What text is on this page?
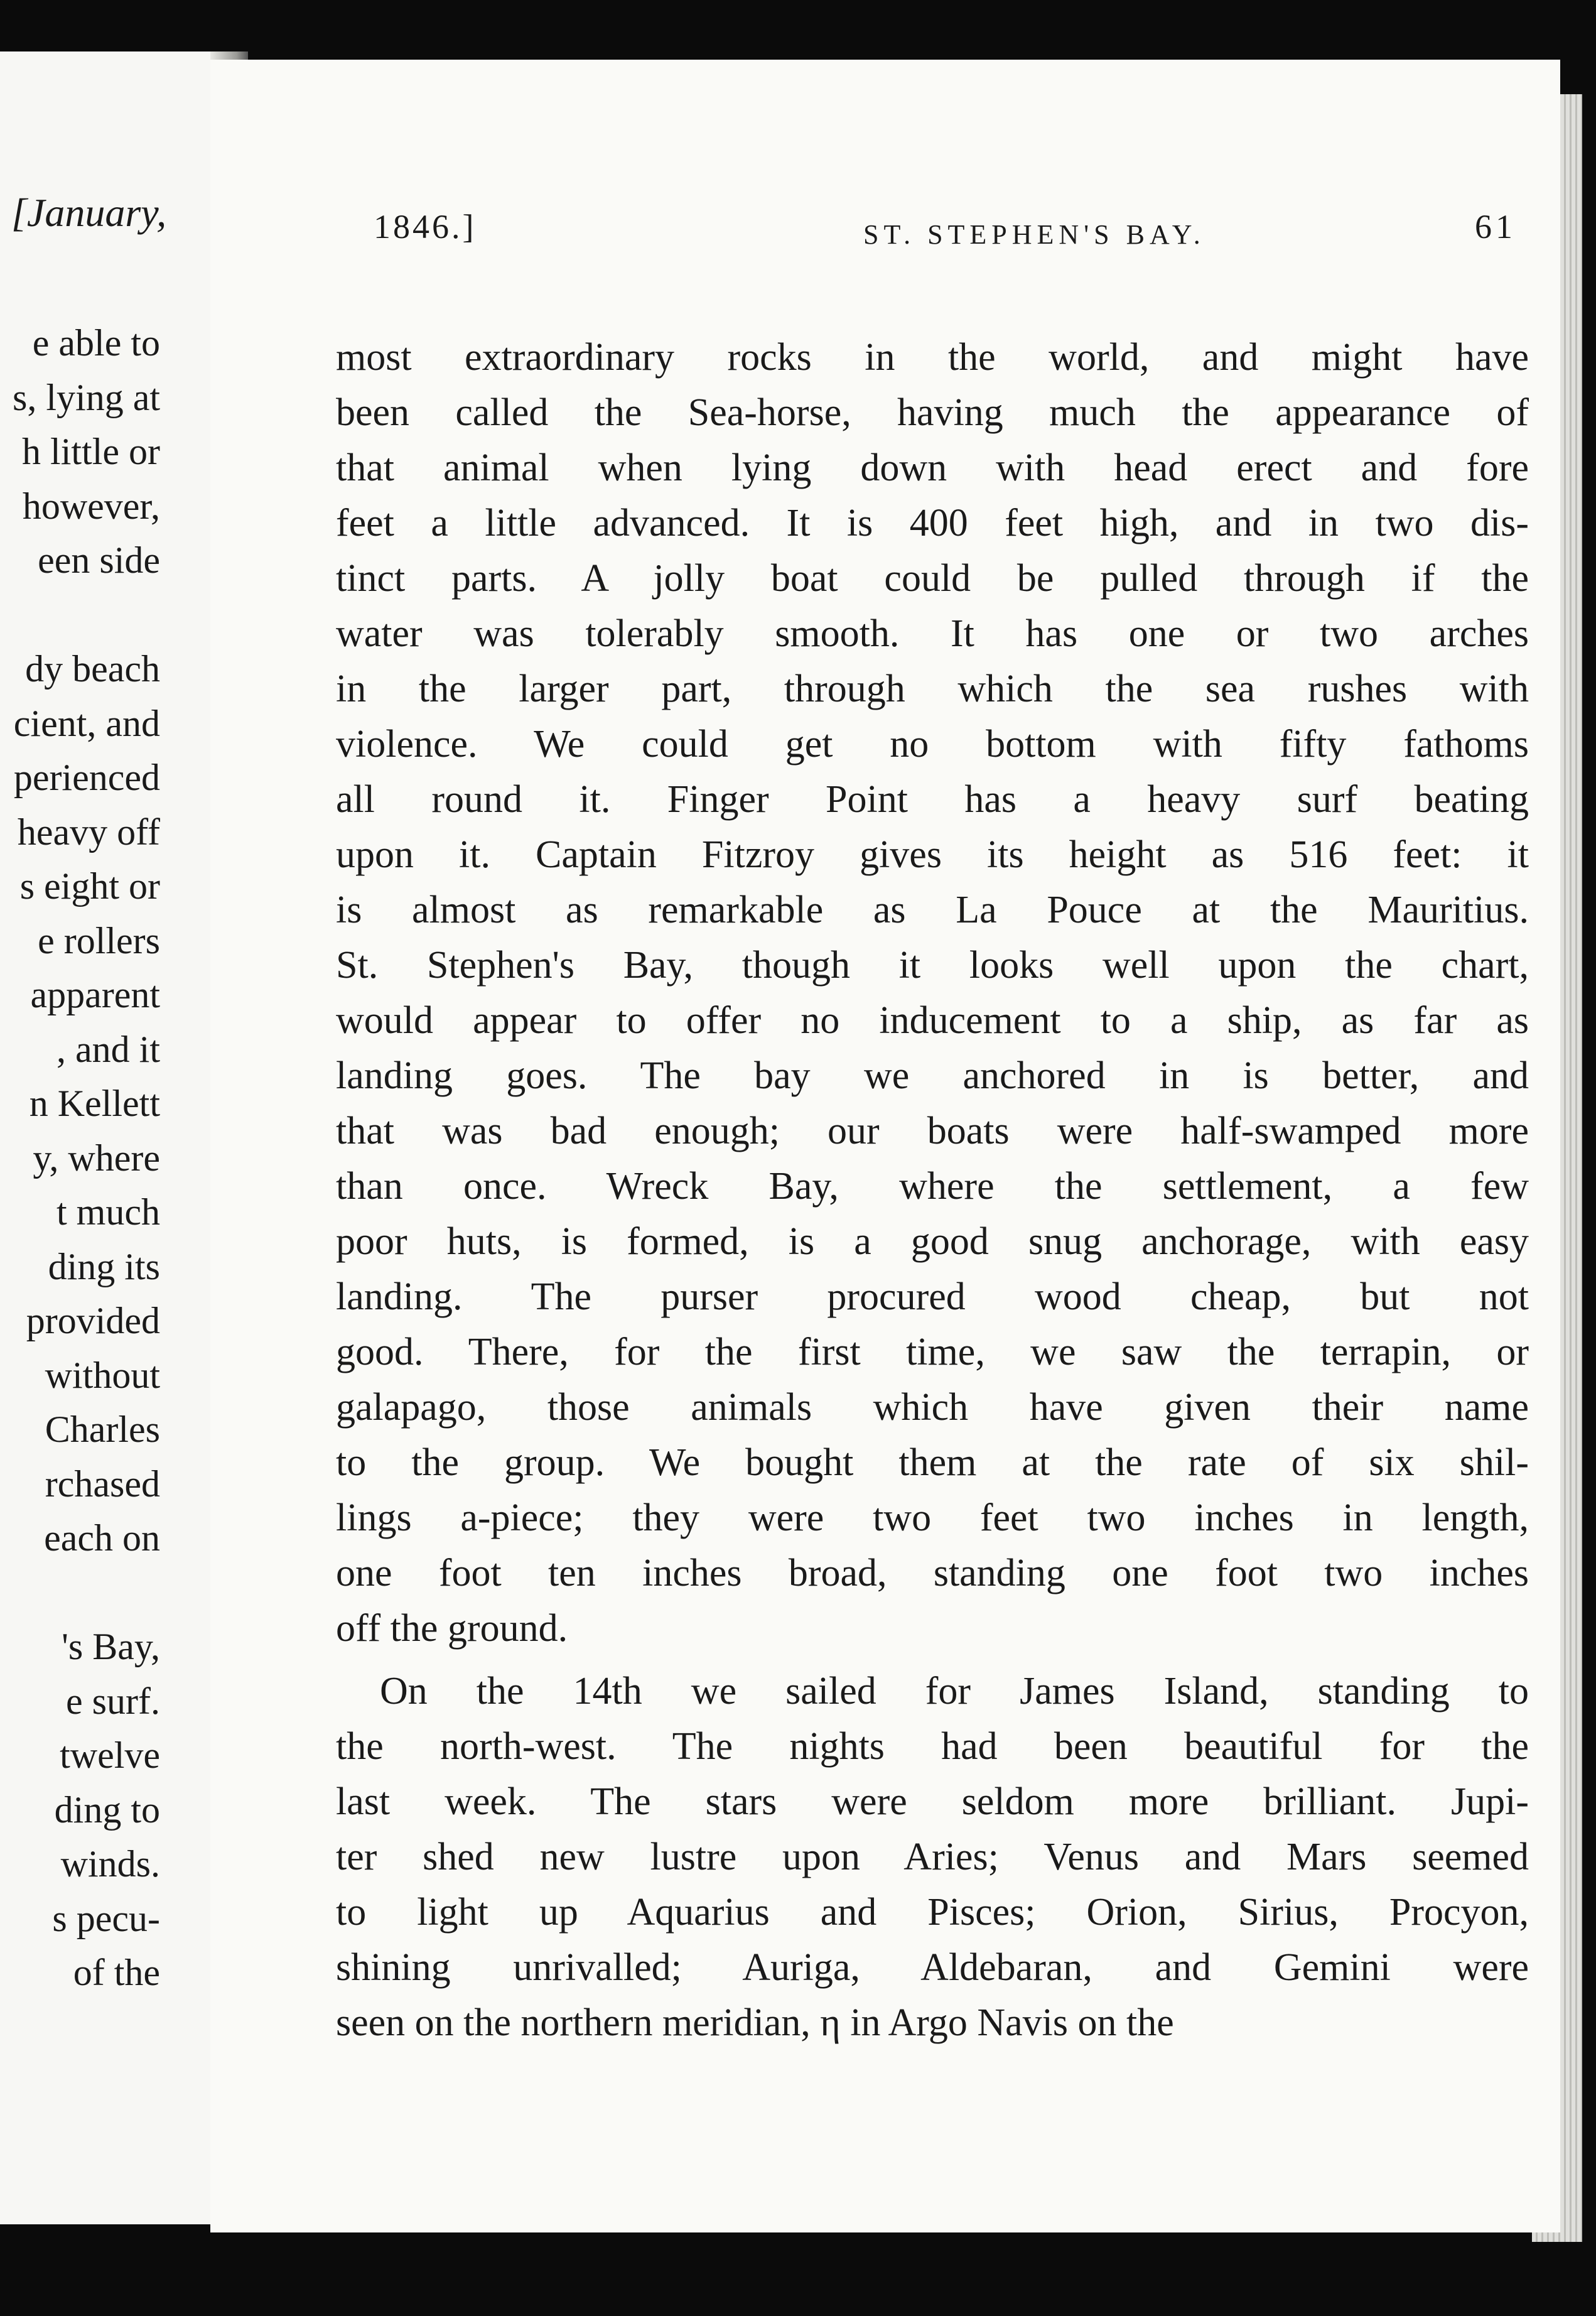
[January,
e able to
s, lying at
h little or
however,
een side
dy beach
cient, and
perienced
heavy off
s eight or
e rollers
apparent
, and it
n Kellett
y, where
t much
ding its
provided
without
Charles
rchased
each on
's Bay,
e surf.
twelve
ding to
winds.
s pecu-
of the
1846.]	ST. STEPHEN'S BAY.	61
most extraordinary rocks in the world, and might have
been called the Sea-horse, having much the appearance of
that animal when lying down with head erect and fore
feet a little advanced. It is 400 feet high, and in two dis-
tinct parts. A jolly boat could be pulled through if the
water was tolerably smooth. It has one or two arches
in the larger part, through which the sea rushes with
violence. We could get no bottom with fifty fathoms
all round it. Finger Point has a heavy surf beating
upon it. Captain Fitzroy gives its height as 516 feet: it
is almost as remarkable as La Pouce at the Mauritius.
St. Stephen's Bay, though it looks well upon the chart,
would appear to offer no inducement to a ship, as far as
landing goes. The bay we anchored in is better, and
that was bad enough; our boats were half-swamped more
than once. Wreck Bay, where the settlement, a few
poor huts, is formed, is a good snug anchorage, with easy
landing. The purser procured wood cheap, but not
good. There, for the first time, we saw the terrapin, or
galapago, those animals which have given their name
to the group. We bought them at the rate of six shil-
lings a-piece; they were two feet two inches in length,
one foot ten inches broad, standing one foot two inches
off the ground.
On the 14th we sailed for James Island, standing to
the north-west. The nights had been beautiful for the
last week. The stars were seldom more brilliant. Jupi-
ter shed new lustre upon Aries; Venus and Mars seemed
to light up Aquarius and Pisces; Orion, Sirius, Procyon,
shining unrivalled; Auriga, Aldebaran, and Gemini were
seen on the northern meridian, η in Argo Navis on the
